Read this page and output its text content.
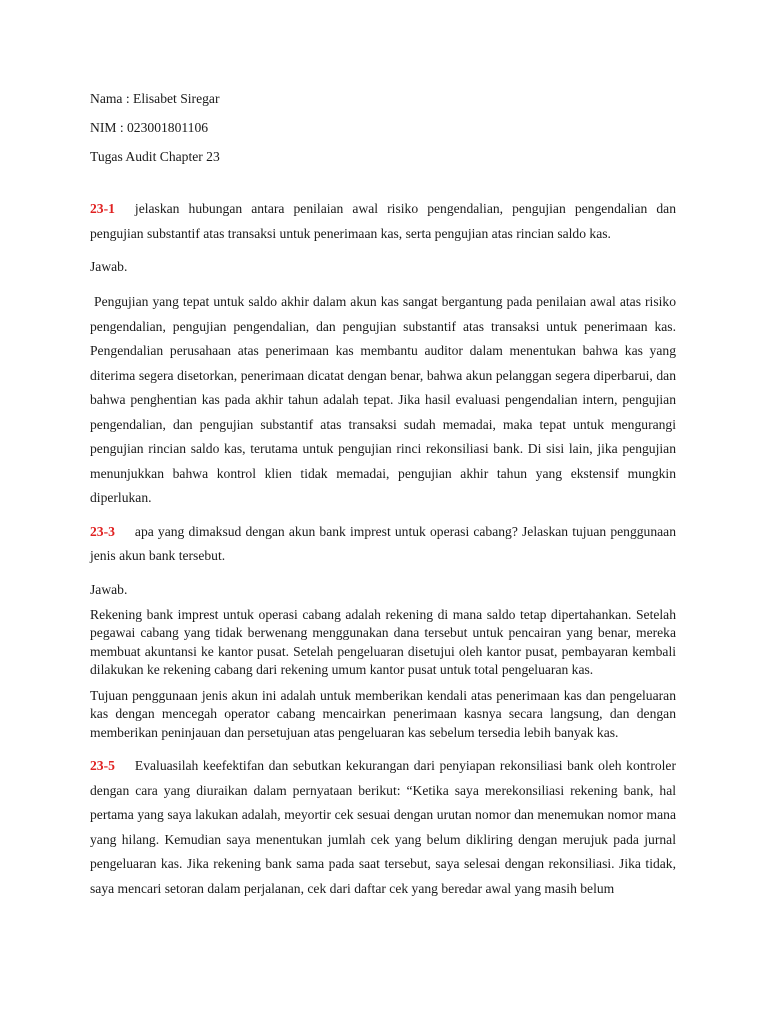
Nama : Elisabet Siregar
NIM : 023001801106
Tugas Audit Chapter 23

23-1 jelaskan hubungan antara penilaian awal risiko pengendalian, pengujian pengendalian dan pengujian substantif atas transaksi untuk penerimaan kas, serta pengujian atas rincian saldo kas.

Jawab.

Pengujian yang tepat untuk saldo akhir dalam akun kas sangat bergantung pada penilaian awal atas risiko pengendalian, pengujian pengendalian, dan pengujian substantif atas transaksi untuk penerimaan kas. Pengendalian perusahaan atas penerimaan kas membantu auditor dalam menentukan bahwa kas yang diterima segera disetorkan, penerimaan dicatat dengan benar, bahwa akun pelanggan segera diperbarui, dan bahwa penghentian kas pada akhir tahun adalah tepat. Jika hasil evaluasi pengendalian intern, pengujian pengendalian, dan pengujian substantif atas transaksi sudah memadai, maka tepat untuk mengurangi pengujian rincian saldo kas, terutama untuk pengujian rinci rekonsiliasi bank. Di sisi lain, jika pengujian menunjukkan bahwa kontrol klien tidak memadai, pengujian akhir tahun yang ekstensif mungkin diperlukan.

23-3 apa yang dimaksud dengan akun bank imprest untuk operasi cabang? Jelaskan tujuan penggunaan jenis akun bank tersebut.

Jawab.

Rekening bank imprest untuk operasi cabang adalah rekening di mana saldo tetap dipertahankan. Setelah pegawai cabang yang tidak berwenang menggunakan dana tersebut untuk pencairan yang benar, mereka membuat akuntansi ke kantor pusat. Setelah pengeluaran disetujui oleh kantor pusat, pembayaran kembali dilakukan ke rekening cabang dari rekening umum kantor pusat untuk total pengeluaran kas.

Tujuan penggunaan jenis akun ini adalah untuk memberikan kendali atas penerimaan kas dan pengeluaran kas dengan mencegah operator cabang mencairkan penerimaan kasnya secara langsung, dan dengan memberikan peninjauan dan persetujuan atas pengeluaran kas sebelum tersedia lebih banyak kas.

23-5 Evaluasilah keefektifan dan sebutkan kekurangan dari penyiapan rekonsiliasi bank oleh kontroler dengan cara yang diuraikan dalam pernyataan berikut: “Ketika saya merekonsiliasi rekening bank, hal pertama yang saya lakukan adalah, meyortir cek sesuai dengan urutan nomor dan menemukan nomor mana yang hilang. Kemudian saya menentukan jumlah cek yang belum dikliring dengan merujuk pada jurnal pengeluaran kas. Jika rekening bank sama pada saat tersebut, saya selesai dengan rekonsiliasi. Jika tidak, saya mencari setoran dalam perjalanan, cek dari daftar cek yang beredar awal yang masih belum
